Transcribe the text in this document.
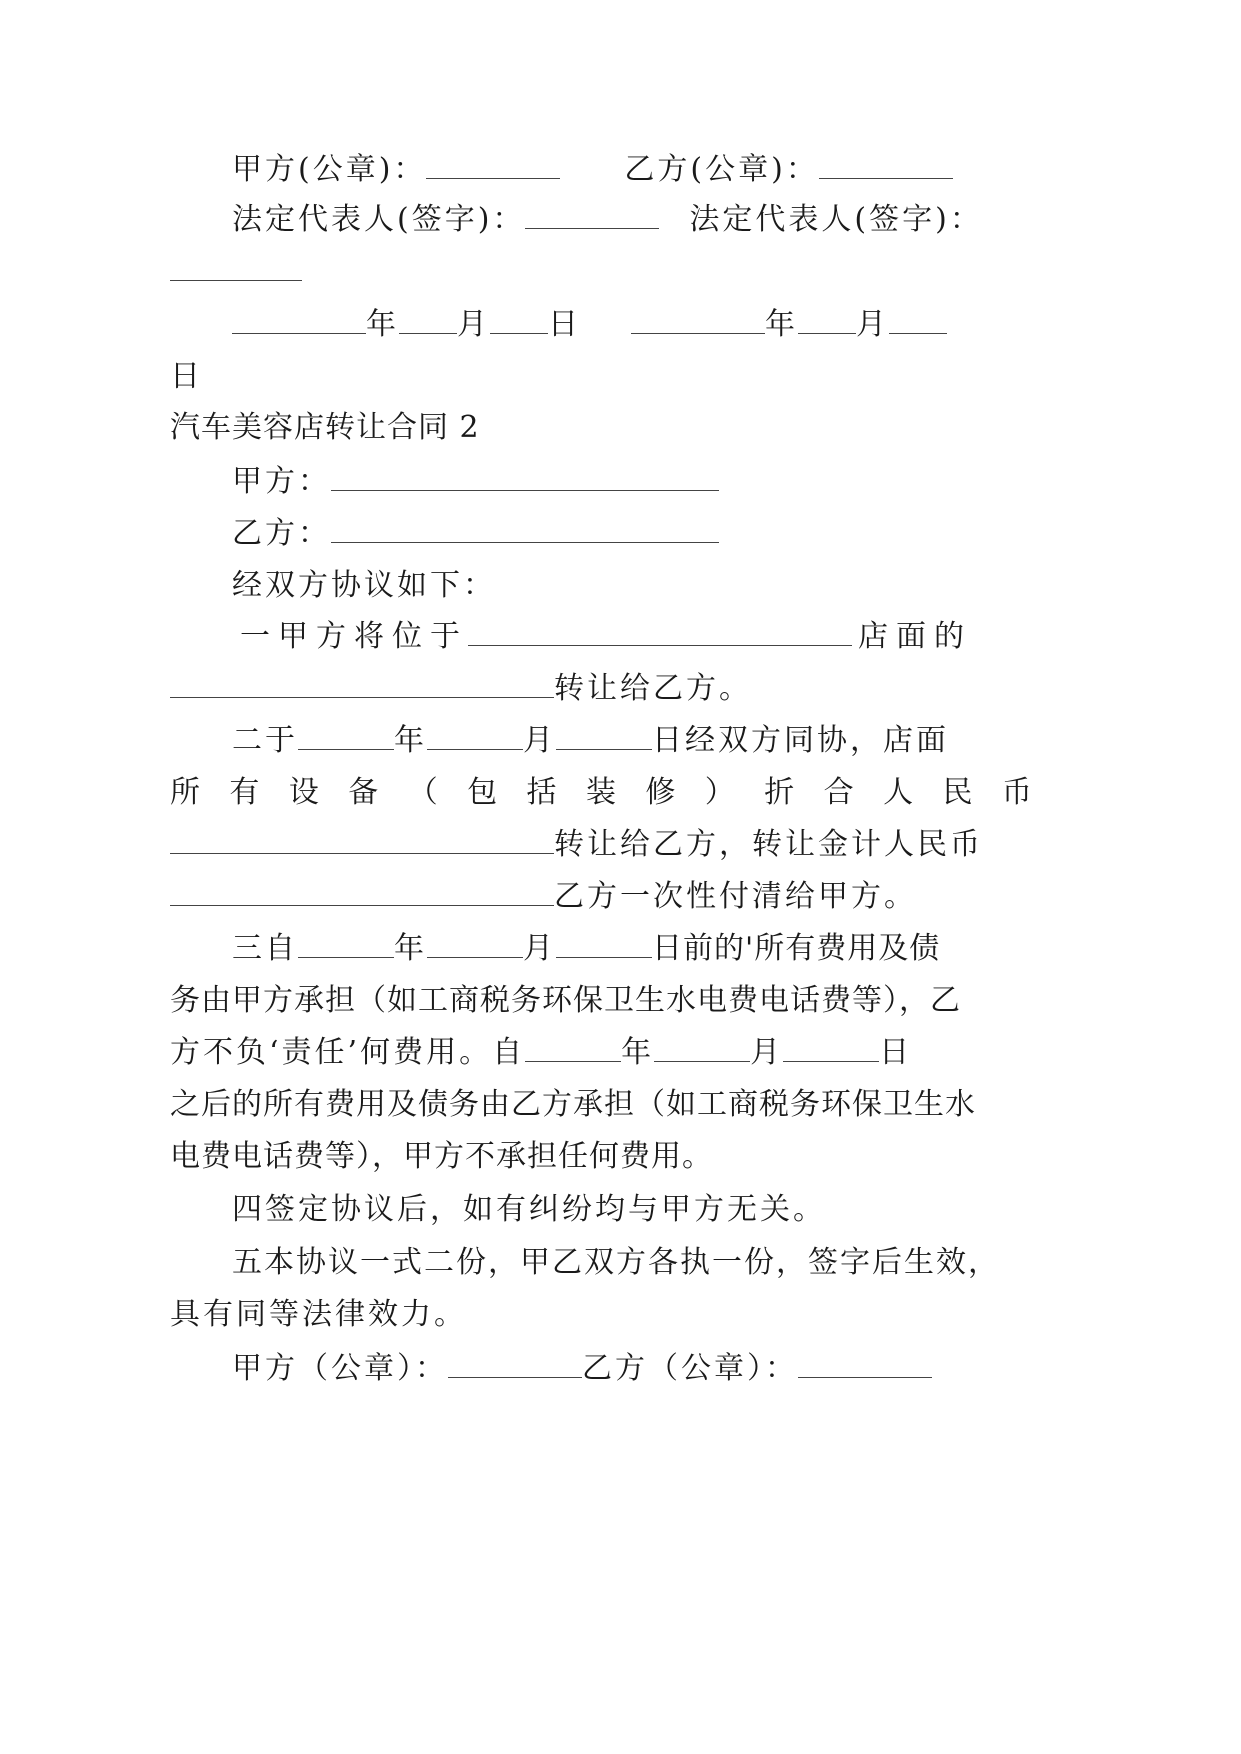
甲方(公章)：	乙方(公章)：
法定代表人(签字)：	法定代表人(签字)：
年 月 日	年 月
日
汽车美容店转让合同 2
甲方：
乙方：
经双方协议如下：
一甲方将位于	店面的
转让给乙方。
二于	年	月	日经双方同协，店面
所 有 设 备 （ 包 括 装 修 ） 折 合 人 民 币
转让给乙方，转让金计人民币
乙方一次性付清给甲方。
三自	年	月	日前的'所有费用及债
务由甲方承担（如工商税务环保卫生水电费电话费等），乙
方不负‘责任’何费用。自	年	月	日
之后的所有费用及债务由乙方承担（如工商税务环保卫生水
电费电话费等），甲方不承担任何费用。
四签定协议后，如有纠纷均与甲方无关。
五本协议一式二份，甲乙双方各执一份，签字后生效，
具有同等法律效力。
甲方（公章）：	乙方（公章）：
